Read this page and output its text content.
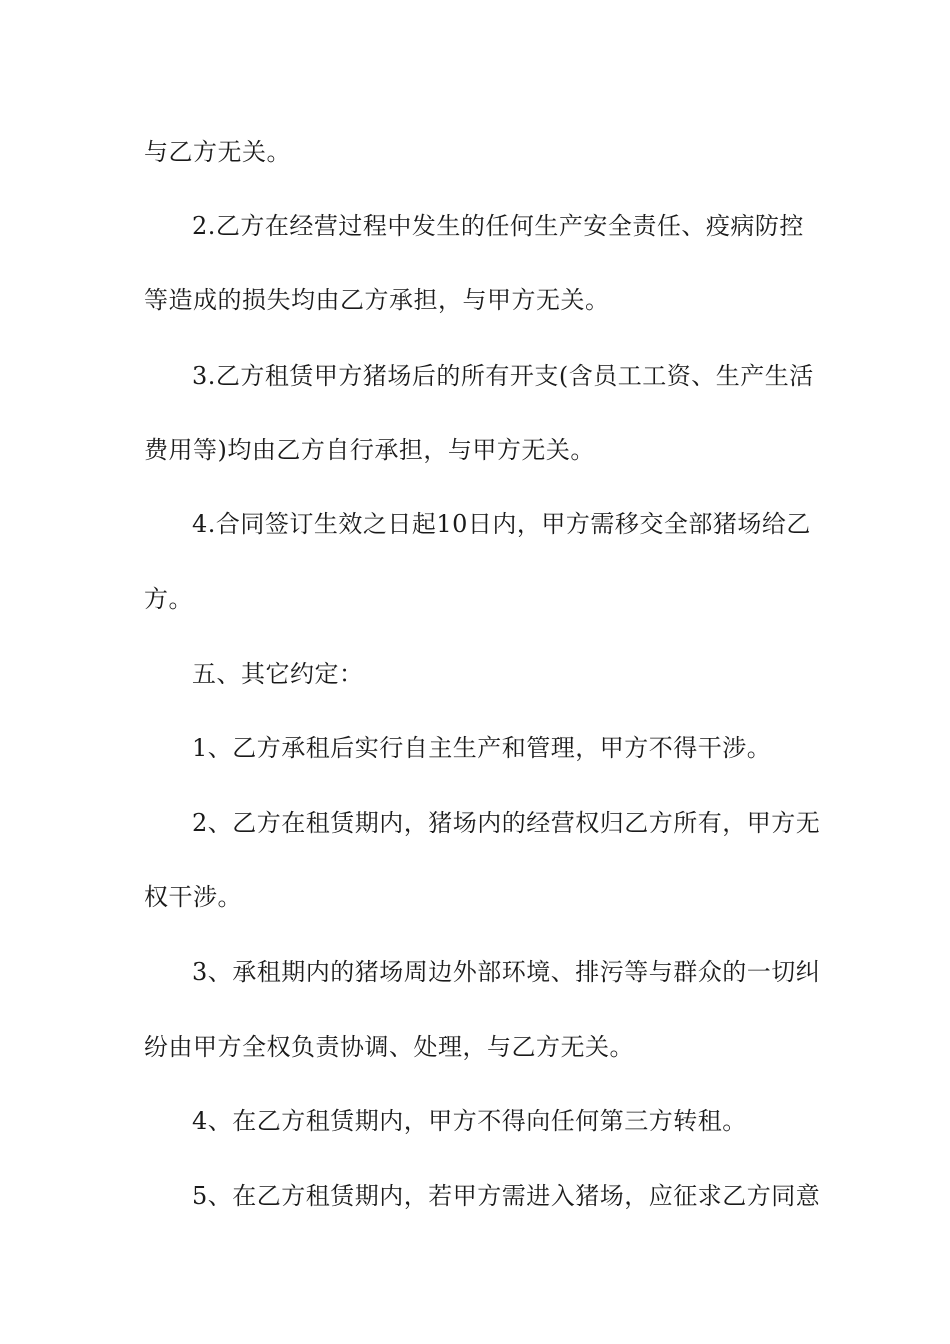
与乙方无关。
2.乙方在经营过程中发生的任何生产安全责任、疫病防控
等造成的损失均由乙方承担，与甲方无关。
3.乙方租赁甲方猪场后的所有开支(含员工工资、生产生活
费用等)均由乙方自行承担，与甲方无关。
4.合同签订生效之日起10日内，甲方需移交全部猪场给乙
方。
五、其它约定：
1、乙方承租后实行自主生产和管理，甲方不得干涉。
2、乙方在租赁期内，猪场内的经营权归乙方所有，甲方无
权干涉。
3、承租期内的猪场周边外部环境、排污等与群众的一切纠
纷由甲方全权负责协调、处理，与乙方无关。
4、在乙方租赁期内，甲方不得向任何第三方转租。
5、在乙方租赁期内，若甲方需进入猪场，应征求乙方同意
